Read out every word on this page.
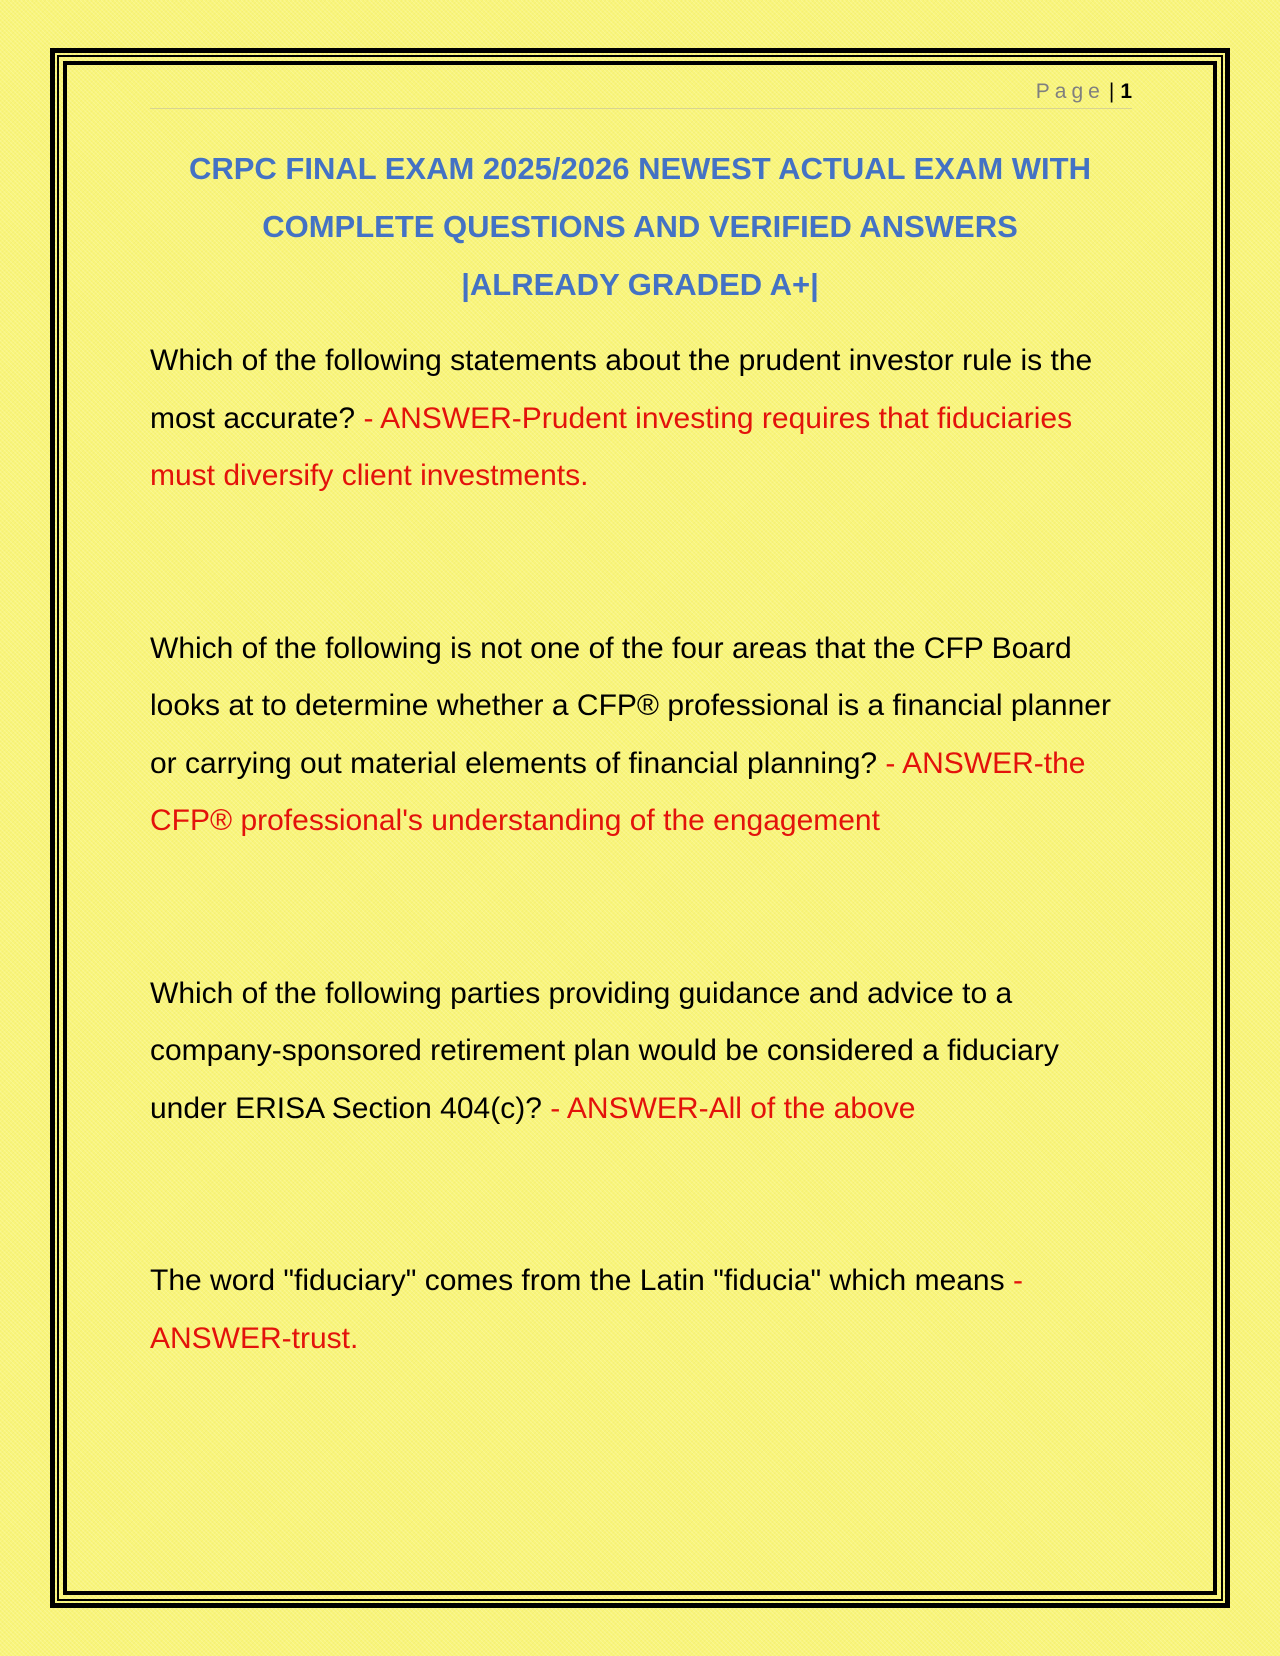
Page | 1
CRPC FINAL EXAM 2025/2026 NEWEST ACTUAL EXAM WITH
COMPLETE QUESTIONS AND VERIFIED ANSWERS
|ALREADY GRADED A+|

Which of the following statements about the prudent investor rule is the most accurate? - ANSWER-Prudent investing requires that fiduciaries must diversify client investments.

Which of the following is not one of the four areas that the CFP Board looks at to determine whether a CFP® professional is a financial planner or carrying out material elements of financial planning? - ANSWER-the CFP® professional's understanding of the engagement

Which of the following parties providing guidance and advice to a company-sponsored retirement plan would be considered a fiduciary under ERISA Section 404(c)? - ANSWER-All of the above

The word "fiduciary" comes from the Latin "fiducia" which means - ANSWER-trust.
